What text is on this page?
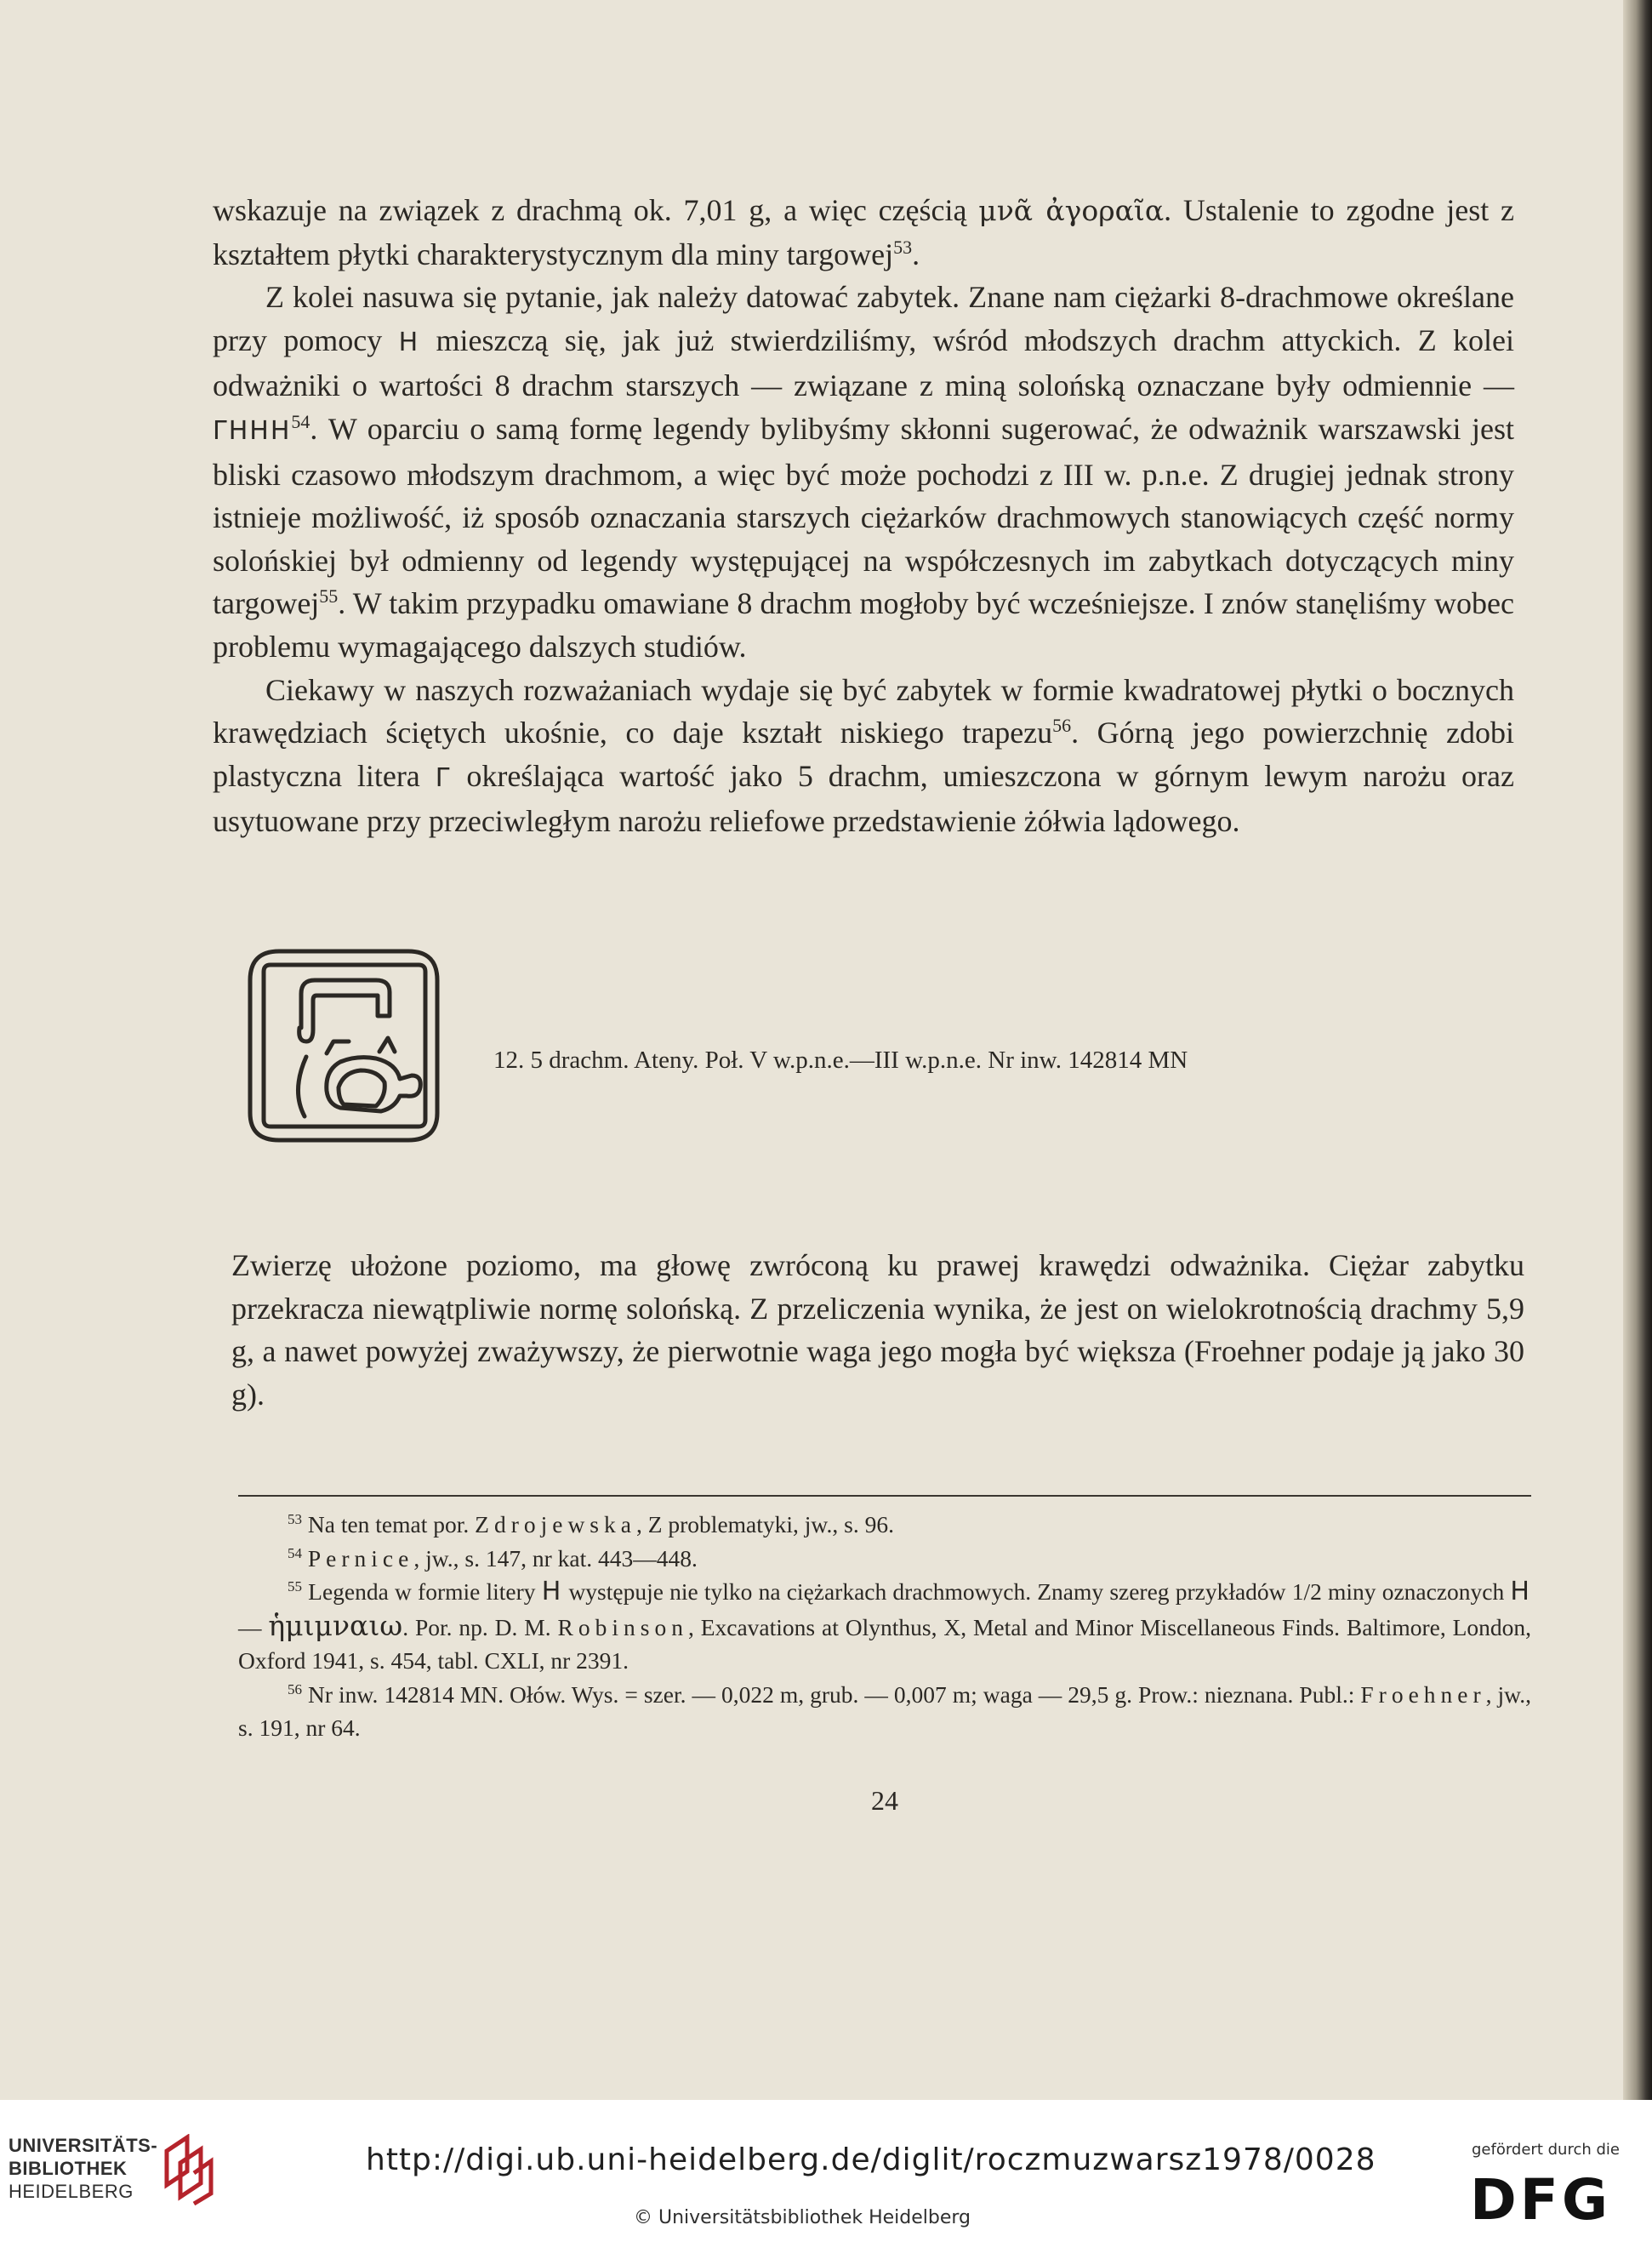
wskazuje na związek z drachmą ok. 7,01 g, a więc częścią μνᾶ ἀγοραῖα. Ustalenie to zgodne jest z kształtem płytki charakterystycznym dla miny targowej$^{53}$.

Z kolei nasuwa się pytanie, jak należy datować zabytek. Znane nam ciężarki 8-drachmowe określane przy pomocy Η mieszczą się, jak już stwierdziliśmy, wśród młodszych drachm attyckich. Z kolei odważniki o wartości 8 drachm starszych — związane z miną solońską oznaczane były odmiennie — ΓΗΗΗ$^{54}$. W oparciu o samą formę legendy bylibyśmy skłonni sugerować, że odważnik warszawski jest bliski czasowo młodszym drachmom, a więc być może pochodzi z III w. p.n.e. Z drugiej jednak strony istnieje możliwość, iż sposób oznaczania starszych ciężarków drachmowych stanowiących część normy solońskiej był odmienny od legendy występującej na współczesnych im zabytkach dotyczących miny targowej$^{55}$. W takim przypadku omawiane 8 drachm mogłoby być wcześniejsze. I znów stanęliśmy wobec problemu wymagającego dalszych studiów.

Ciekawy w naszych rozważaniach wydaje się być zabytek w formie kwadratowej płytki o bocznych krawędziach ściętych ukośnie, co daje kształt niskiego trapezu$^{56}$. Górną jego powierzchnię zdobi plastyczna litera Γ określająca wartość jako 5 drachm, umieszczona w górnym lewym narożu oraz usytuowane przy przeciwległym narożu reliefowe przedstawienie żółwia lądowego.

12. 5 drachm. Ateny. Poł. V w.p.n.e.—III w.p.n.e. Nr inw. 142814 MN

Zwierzę ułożone poziomo, ma głowę zwróconą ku prawej krawędzi odważnika. Ciężar zabytku przekracza niewątpliwie normę solońską. Z przeliczenia wynika, że jest on wielokrotnością drachmy 5,9 g, a nawet powyżej zważywszy, że pierwotnie waga jego mogła być większa (Froehner podaje ją jako 30 g).

$^{53}$ Na ten temat por. Zdrojewska, Z problematyki, jw., s. 96.

$^{54}$ Pernice, jw., s. 147, nr kat. 443—448.

$^{55}$ Legenda w formie litery Η występuje nie tylko na ciężarkach drachmowych. Znamy szereg przykładów 1/2 miny oznaczonych Η — ἡμιμναιω. Por. np. D. M. Robinson, Excavations at Olynthus, X, Metal and Minor Miscellaneous Finds. Baltimore, London, Oxford 1941, s. 454, tabl. CXLI, nr 2391.

$^{56}$ Nr inw. 142814 MN. Ołów. Wys. = szer. — 0,022 m, grub. — 0,007 m; waga — 29,5 g. Prow.: nieznana. Publ.: Froehner, jw., s. 191, nr 64.

24
UNIVERSITÄTS-
BIBLIOTHEK
HEIDELBERG
http://digi.ub.uni-heidelberg.de/diglit/roczmuzwarsz1978/0028
© Universitätsbibliothek Heidelberg
gefördert durch die
DFG
